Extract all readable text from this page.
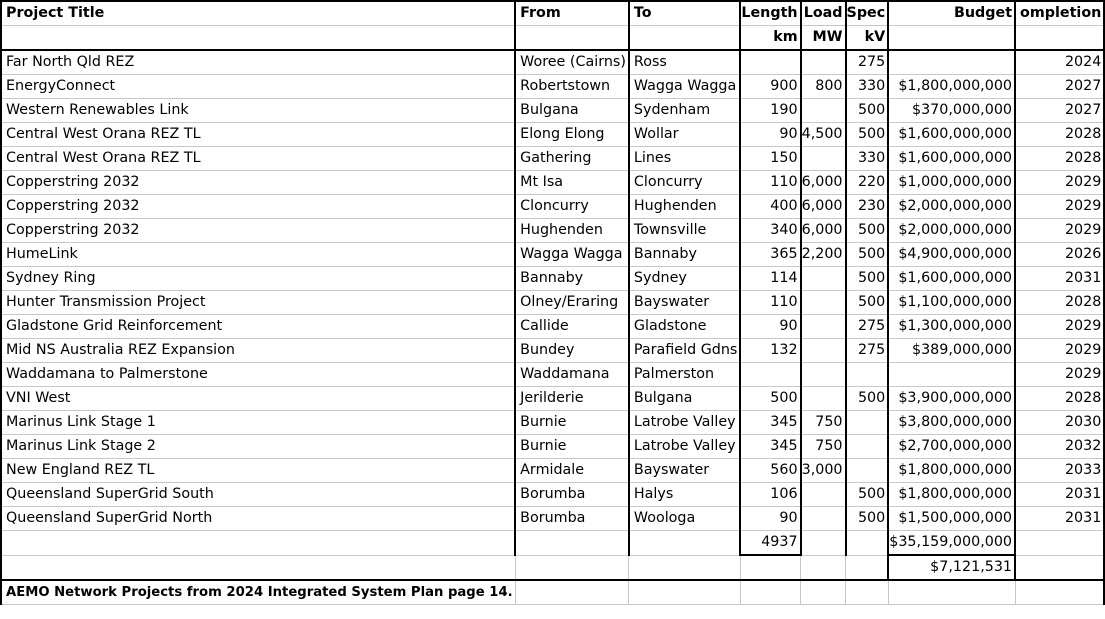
Project Title	From	To	Length	Load	Spec	Budget	ompletion
			km	MW	kV		
Far North Qld REZ	Woree (Cairns)	Ross			275		2024
EnergyConnect	Robertstown	Wagga Wagga	900	800	330	$1,800,000,000	2027
Western Renewables Link	Bulgana	Sydenham	190		500	$370,000,000	2027
Central West Orana REZ TL	Elong Elong	Wollar	90	4,500	500	$1,600,000,000	2028
Central West Orana REZ TL	Gathering	Lines	150		330	$1,600,000,000	2028
Copperstring 2032	Mt Isa	Cloncurry	110	6,000	220	$1,000,000,000	2029
Copperstring 2032	Cloncurry	Hughenden	400	6,000	230	$2,000,000,000	2029
Copperstring 2032	Hughenden	Townsville	340	6,000	500	$2,000,000,000	2029
HumeLink	Wagga Wagga	Bannaby	365	2,200	500	$4,900,000,000	2026
Sydney Ring	Bannaby	Sydney	114		500	$1,600,000,000	2031
Hunter Transmission Project	Olney/Eraring	Bayswater	110		500	$1,100,000,000	2028
Gladstone Grid Reinforcement	Callide	Gladstone	90		275	$1,300,000,000	2029
Mid NS Australia REZ Expansion	Bundey	Parafield Gdns	132		275	$389,000,000	2029
Waddamana to Palmerstone	Waddamana	Palmerston					2029
VNI West	Jerilderie	Bulgana	500		500	$3,900,000,000	2028
Marinus Link Stage 1	Burnie	Latrobe Valley	345	750		$3,800,000,000	2030
Marinus Link Stage 2	Burnie	Latrobe Valley	345	750		$2,700,000,000	2032
New England REZ TL	Armidale	Bayswater	560	3,000		$1,800,000,000	2033
Queensland SuperGrid South	Borumba	Halys	106		500	$1,800,000,000	2031
Queensland SuperGrid North	Borumba	Woologa	90		500	$1,500,000,000	2031
			4937			$35,159,000,000	
						$7,121,531	
AEMO Network Projects from 2024 Integrated System Plan page 14.							
